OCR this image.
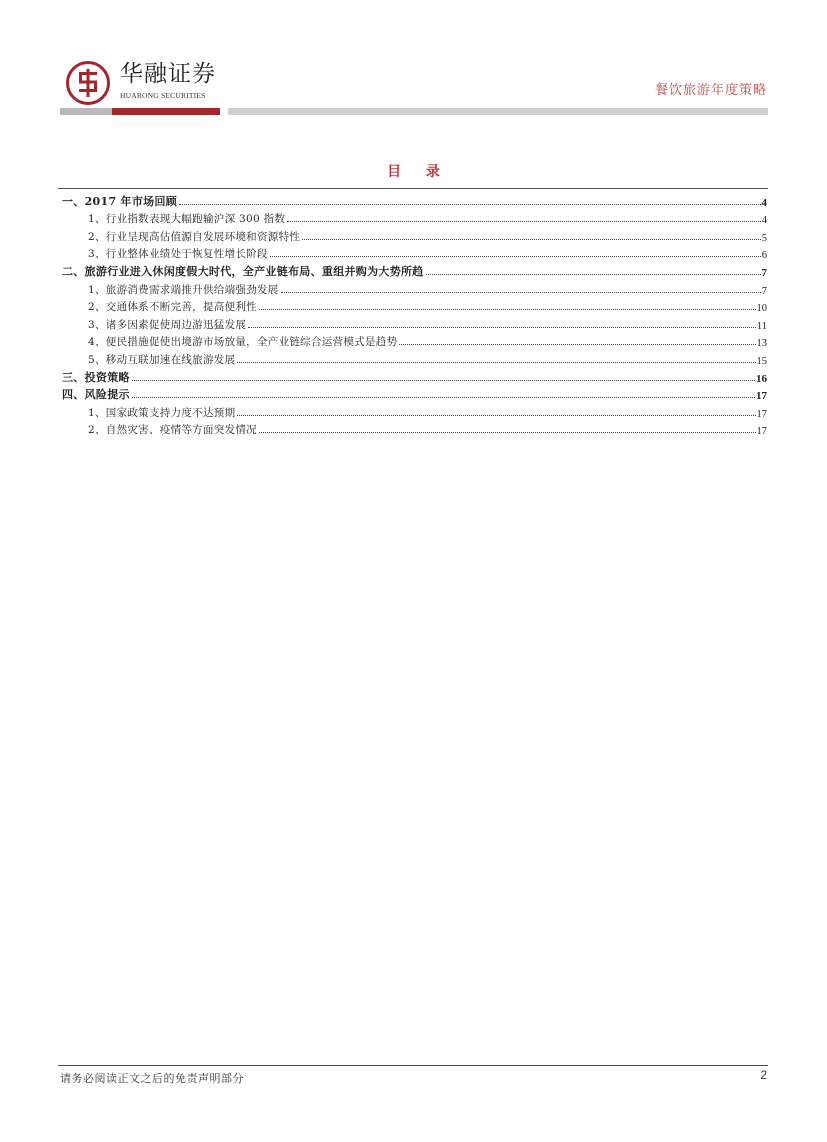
华融证券
HUARONG SECURITIES	餐饮旅游年度策略
目 录
一、2017 年市场回顾	4
1、行业指数表现大幅跑输沪深 300 指数	4
2、行业呈现高估值源自发展环境和资源特性	5
3、行业整体业绩处于恢复性增长阶段	6
二、旅游行业进入休闲度假大时代，全产业链布局、重组并购为大势所趋	7
1、旅游消费需求端推升供给端强劲发展	7
2、交通体系不断完善，提高便利性	10
3、诸多因素促使周边游迅猛发展	11
4、便民措施促使出境游市场放量，全产业链综合运营模式是趋势	13
5、移动互联加速在线旅游发展	15
三、投资策略	16
四、风险提示	17
1、国家政策支持力度不达预期	17
2、自然灾害、疫情等方面突发情况	17
请务必阅读正文之后的免责声明部分	2
